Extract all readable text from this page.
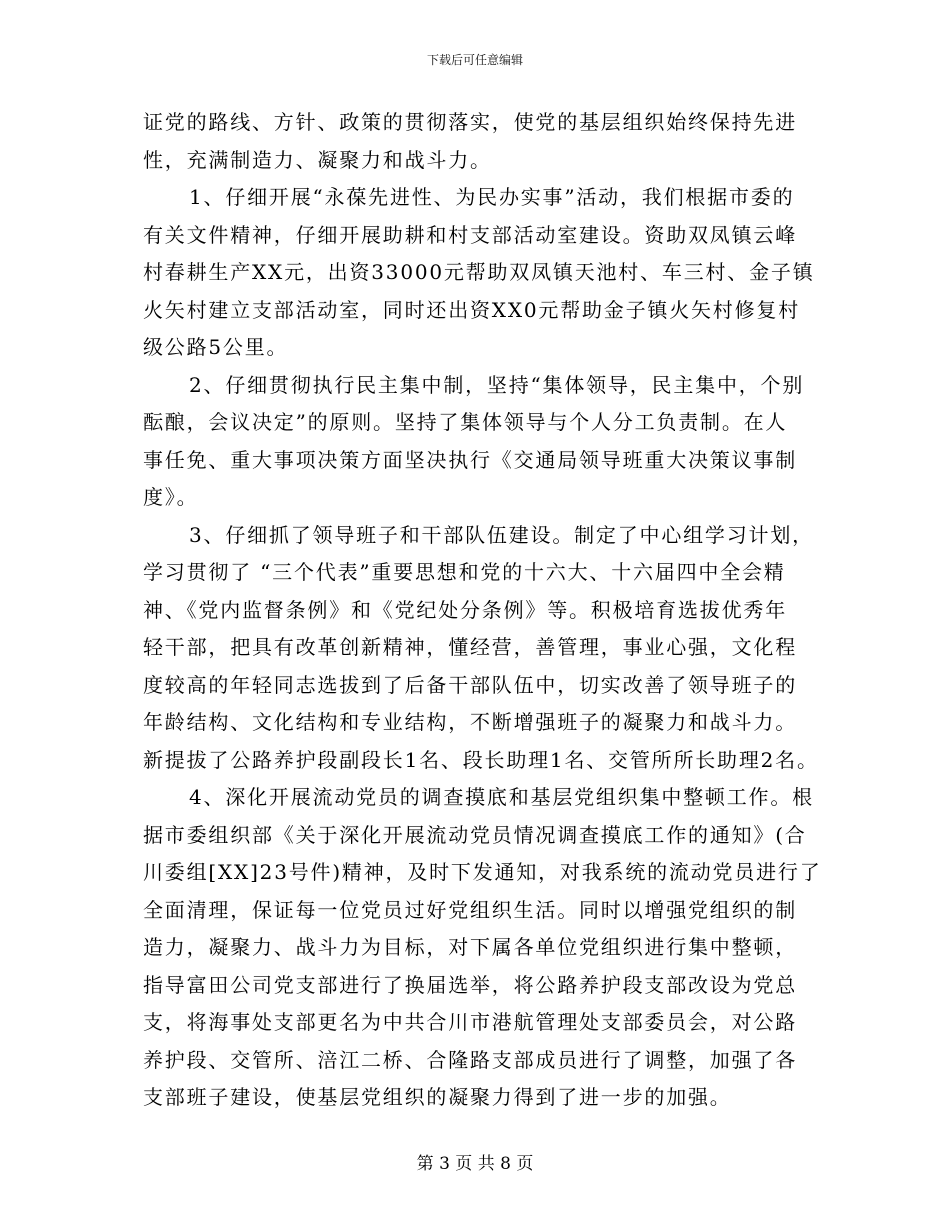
下载后可任意编辑
证党的路线、方针、政策的贯彻落实，使党的基层组织始终保持先进
性，充满制造力、凝聚力和战斗力。
1、仔细开展“永葆先进性、为民办实事”活动，我们根据市委的
有关文件精神，仔细开展助耕和村支部活动室建设。资助双凤镇云峰
村春耕生产XX元，出资33000元帮助双凤镇天池村、车三村、金子镇
火矢村建立支部活动室，同时还出资XX0元帮助金子镇火矢村修复村
级公路5公里。
2、仔细贯彻执行民主集中制，坚持“集体领导，民主集中，个别
酝酿，会议决定”的原则。坚持了集体领导与个人分工负责制。在人
事任免、重大事项决策方面坚决执行《交通局领导班重大决策议事制
度》。
3、仔细抓了领导班子和干部队伍建设。制定了中心组学习计划，
学习贯彻了 “三个代表”重要思想和党的十六大、十六届四中全会精
神、《党内监督条例》和《党纪处分条例》等。积极培育选拔优秀年
轻干部，把具有改革创新精神，懂经营，善管理，事业心强，文化程
度较高的年轻同志选拔到了后备干部队伍中，切实改善了领导班子的
年龄结构、文化结构和专业结构，不断增强班子的凝聚力和战斗力。
新提拔了公路养护段副段长1名、段长助理1名、交管所所长助理2名。
4、深化开展流动党员的调查摸底和基层党组织集中整顿工作。根
据市委组织部《关于深化开展流动党员情况调查摸底工作的通知》(合
川委组[XX]23号件)精神，及时下发通知，对我系统的流动党员进行了
全面清理，保证每一位党员过好党组织生活。同时以增强党组织的制
造力，凝聚力、战斗力为目标，对下属各单位党组织进行集中整顿，
指导富田公司党支部进行了换届选举，将公路养护段支部改设为党总
支，将海事处支部更名为中共合川市港航管理处支部委员会，对公路
养护段、交管所、涪江二桥、合隆路支部成员进行了调整，加强了各
支部班子建设，使基层党组织的凝聚力得到了进一步的加强。
第 3 页 共 8 页
